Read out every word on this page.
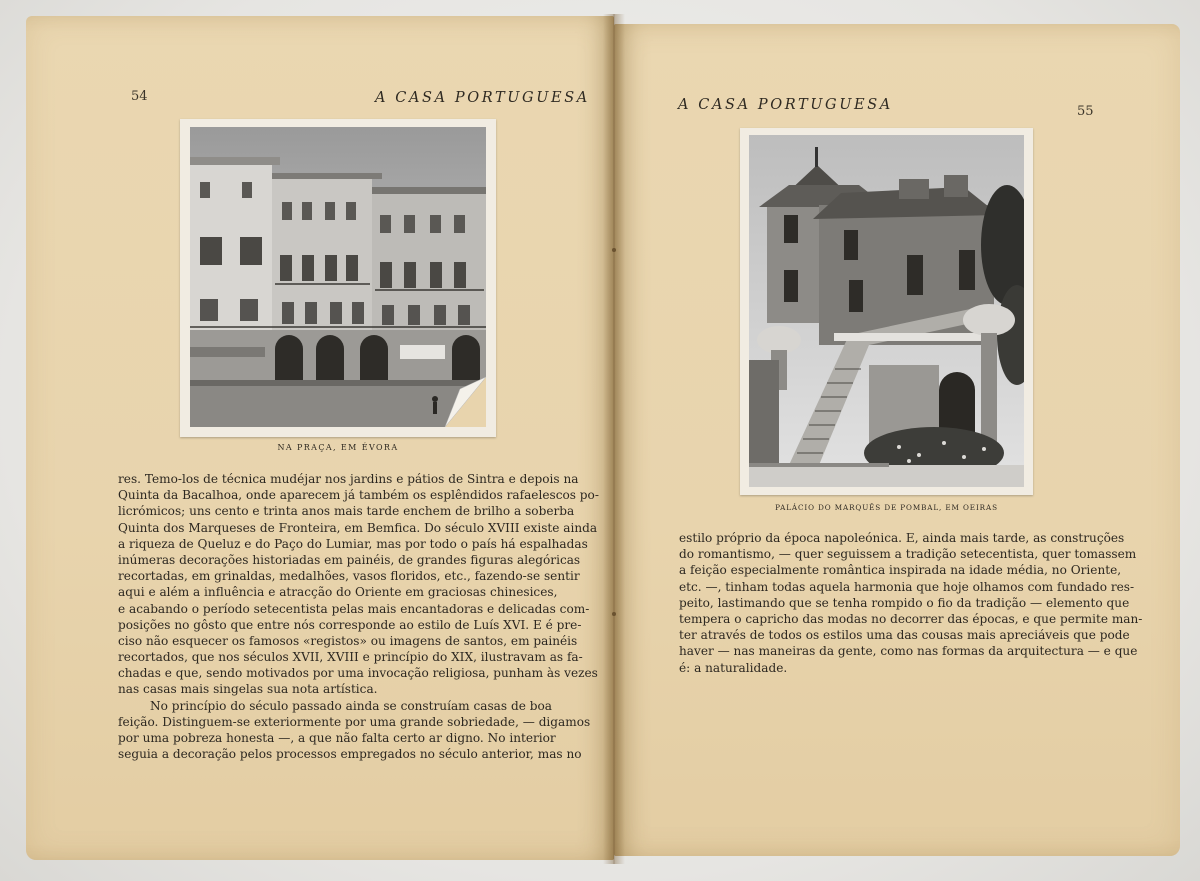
54	A CASA PORTUGUESA
NA PRAÇA, EM ÉVORA

res. Temo-los de técnica mudéjar nos jardins e pátios de Sintra e depois na

Quinta da Bacalhoa, onde aparecem já também os esplêndidos rafaelescos po-

licrómicos; uns cento e trinta anos mais tarde enchem de brilho a soberba

Quinta dos Marqueses de Fronteira, em Bemfica. Do século XVIII existe ainda

a riqueza de Queluz e do Paço do Lumiar, mas por todo o país há espalhadas

inúmeras decorações historiadas em painéis, de grandes figuras alegóricas

recortadas, em grinaldas, medalhões, vasos floridos, etc., fazendo-se sentir

aqui e além a influência e atracção do Oriente em graciosas chinesices,

e acabando o período setecentista pelas mais encantadoras e delicadas com-

posições no gôsto que entre nós corresponde ao estilo de Luís XVI. E é pre-

ciso não esquecer os famosos «registos» ou imagens de santos, em painéis

recortados, que nos séculos XVII, XVIII e princípio do XIX, ilustravam as fa-

chadas e que, sendo motivados por uma invocação religiosa, punham às vezes

nas casas mais singelas sua nota artística.

No princípio do século passado ainda se construíam casas de boa

feição. Distinguem-se exteriormente por uma grande sobriedade, — digamos

por uma pobreza honesta —, a que não falta certo ar digno. No interior

seguia a decoração pelos processos empregados no século anterior, mas no

A CASA PORTUGUESA	55
PALÁCIO DO MARQUÊS DE POMBAL, EM OEIRAS

estilo próprio da época napoleónica. E, ainda mais tarde, as construções

do romantismo, — quer seguissem a tradição setecentista, quer tomassem

a feição especialmente romântica inspirada na idade média, no Oriente,

etc. —, tinham todas aquela harmonia que hoje olhamos com fundado res-

peito, lastimando que se tenha rompido o fio da tradição — elemento que

tempera o capricho das modas no decorrer das épocas, e que permite man-

ter através de todos os estilos uma das cousas mais apreciáveis que pode

haver — nas maneiras da gente, como nas formas da arquitectura — e que

é: a naturalidade.
